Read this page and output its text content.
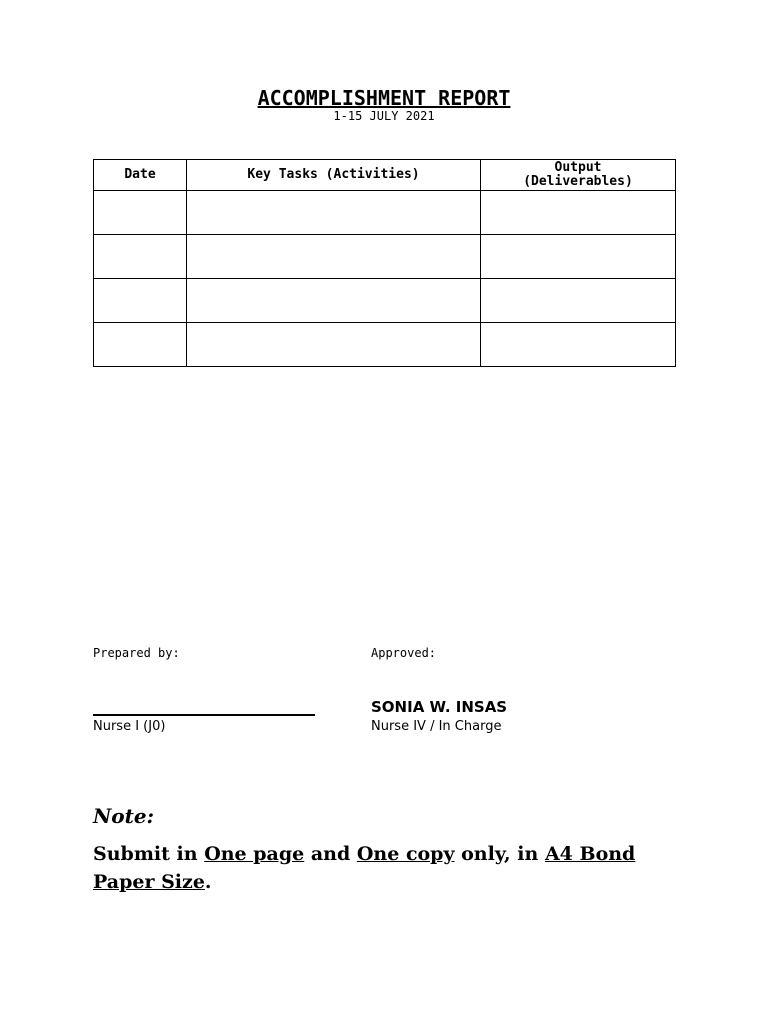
ACCOMPLISHMENT REPORT
1-15 JULY 2021
Date	Key Tasks (Activities)	Output
(Deliverables)

Prepared by:	Approved:
Nurse I (J0)
SONIA W. INSAS
Nurse IV / In Charge
Note:
Submit in One page and One copy only, in A4 Bond Paper Size.
